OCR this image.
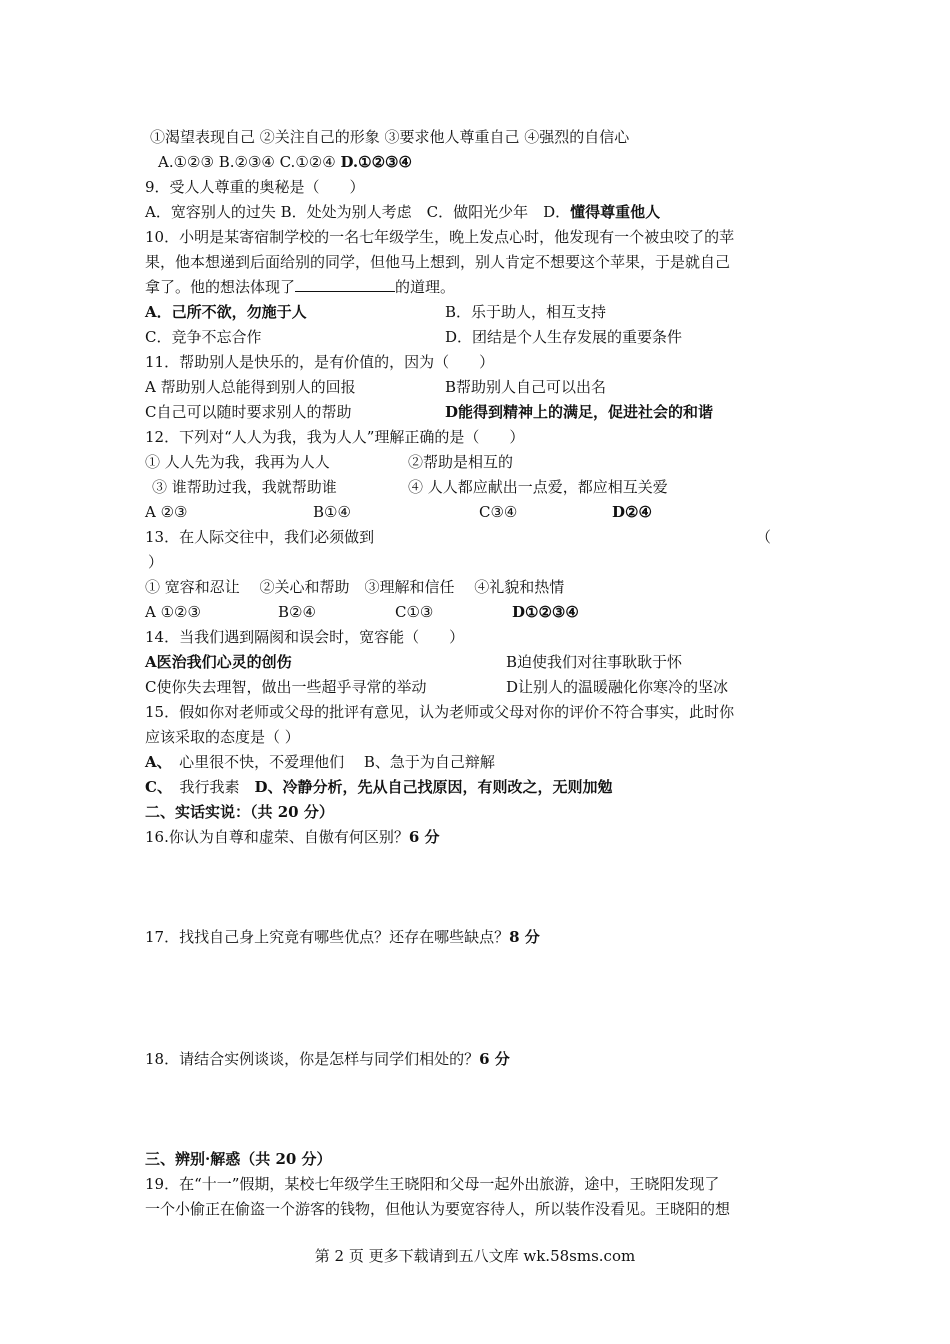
①渴望表现自己 ②关注自己的形象 ③要求他人尊重自己 ④强烈的自信心
A.①②③ B.②③④ C.①②④ D.①②③④
9．受人人尊重的奥秘是（　　）
A．宽容别人的过失 B．处处为别人考虑　C．做阳光少年　D．懂得尊重他人
10．小明是某寄宿制学校的一名七年级学生，晚上发点心时，他发现有一个被虫咬了的苹
果，他本想递到后面给别的同学，但他马上想到，别人肯定不想要这个苹果，于是就自己
拿了。他的想法体现了	的道理。
A．己所不欲，勿施于人	B．乐于助人，相互支持
C．竞争不忘合作	D．团结是个人生存发展的重要条件
11．帮助别人是快乐的，是有价值的，因为（　　）
A 帮助别人总能得到别人的回报	B帮助别人自己可以出名
C自己可以随时要求别人的帮助	D能得到精神上的满足，促进社会的和谐
12．下列对“人人为我，我为人人”理解正确的是（　　）
① 人人先为我，我再为人人	②帮助是相互的
③ 谁帮助过我，我就帮助谁	④ 人人都应献出一点爱，都应相互关爱
A ②③	B①④	C③④	D②④
13．在人际交往中，我们必须做到	（
）
① 宽容和忍让　 ②关心和帮助　③理解和信任　 ④礼貌和热情
A ①②③	B②④	C①③	D①②③④
14．当我们遇到隔阂和误会时，宽容能（　　）
A医治我们心灵的创伤	B迫使我们对往事耿耿于怀
C使你失去理智，做出一些超乎寻常的举动	D让别人的温暖融化你寒冷的坚冰
15．假如你对老师或父母的批评有意见，认为老师或父母对你的评价不符合事实，此时你
应该采取的态度是（ ）
A、　心里很不快，不爱理他们　 B、急于为自己辩解
C、　我行我素　D、冷静分析，先从自己找原因，有则改之，无则加勉
二、实话实说：（共 20 分）
16.你认为自尊和虚荣、自傲有何区别？6 分
17．找找自己身上究竟有哪些优点？还存在哪些缺点？8 分
18．请结合实例谈谈，你是怎样与同学们相处的？6 分
三、辨别·解惑（共 20 分）
19．在“十一”假期，某校七年级学生王晓阳和父母一起外出旅游，途中，王晓阳发现了
一个小偷正在偷盗一个游客的钱物，但他认为要宽容待人，所以装作没看见。王晓阳的想
第 2 页 更多下载请到五八文库 wk.58sms.com
